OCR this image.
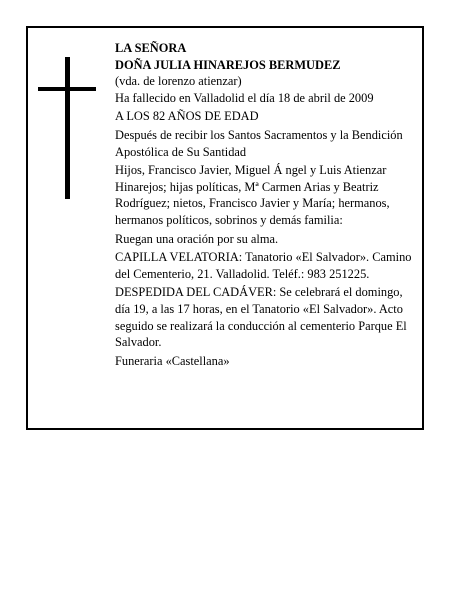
LA SEÑORA

DOÑA JULIA HINAREJOS BERMUDEZ

(vda. de lorenzo atienzar)

Ha fallecido en Valladolid el día 18 de abril de 2009

A LOS 82 AÑOS DE EDAD

Después de recibir los Santos Sacramentos y la Bendición Apostólica de Su Santidad

Hijos, Francisco Javier, Miguel Á ngel y Luis Atienzar Hinarejos; hijas políticas, Mª Carmen Arias y Beatriz Rodríguez; nietos, Francisco Javier y María; hermanos, hermanos políticos, sobrinos y demás familia:

Ruegan una oración por su alma.

CAPILLA VELATORIA: Tanatorio «El Salvador». Camino del Cementerio, 21. Valladolid. Teléf.: 983 251225.

DESPEDIDA DEL CADÁVER: Se celebrará el domingo, día 19, a las 17 horas, en el Tanatorio «El Salvador». Acto seguido se realizará la conducción al cementerio Parque El Salvador.

Funeraria «Castellana»
